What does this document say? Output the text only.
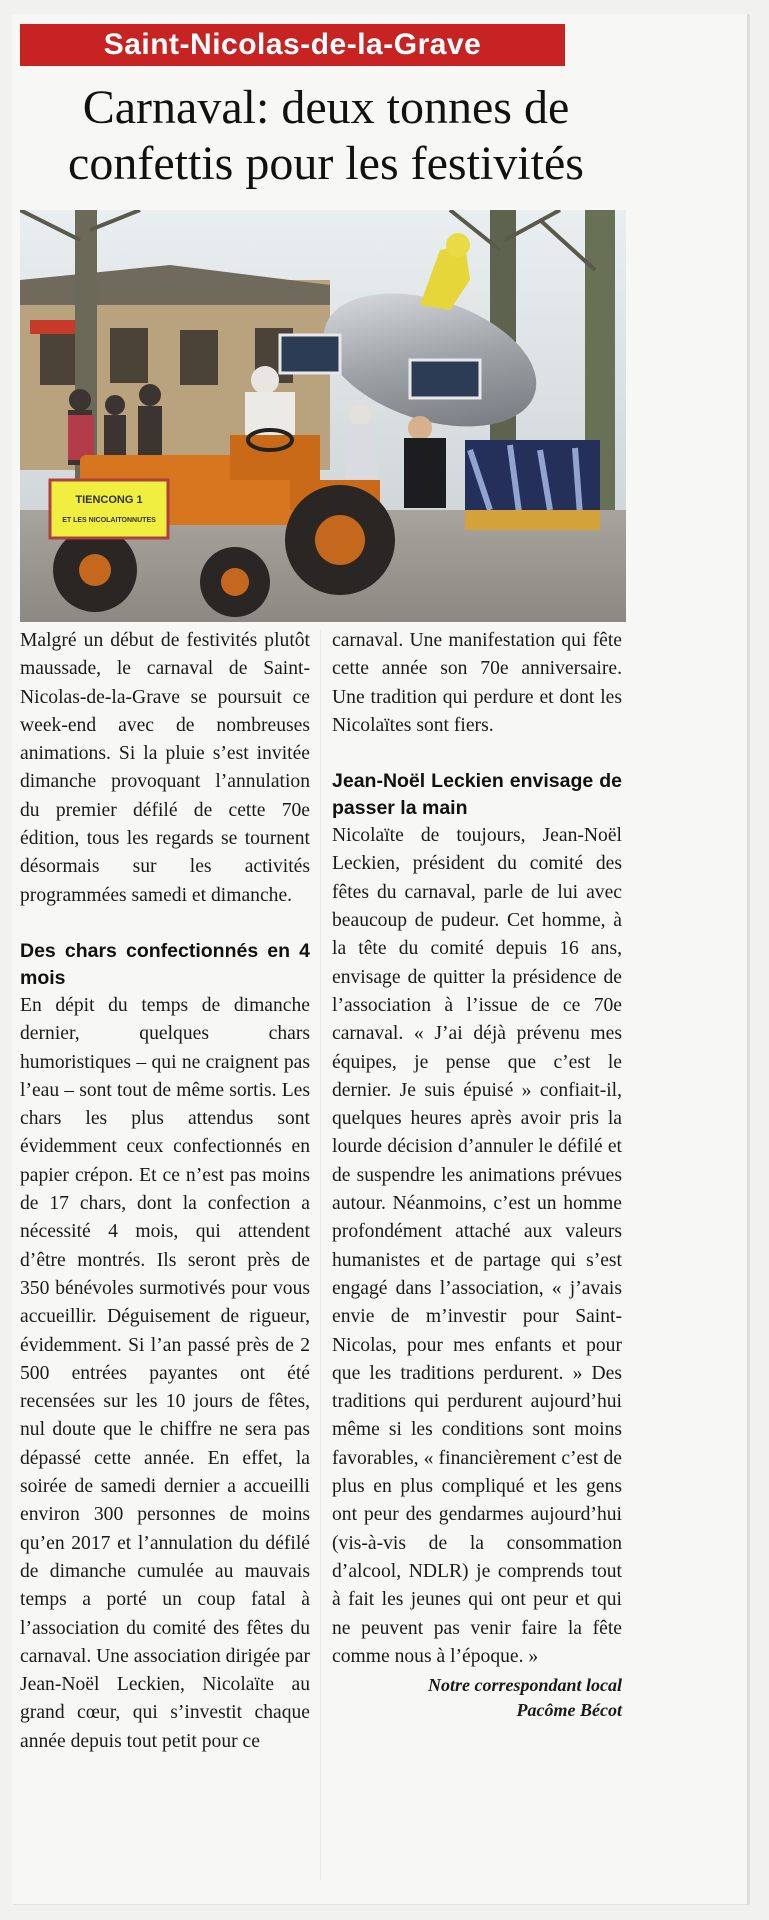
Saint-Nicolas-de-la-Grave
Carnaval: deux tonnes de
confettis pour les festivités
TIENCONG 1
ET LES NICOLAITONNUTES

Malgré un début de festivités plutôt maussade, le carnaval de Saint-Nicolas-de-la-Grave se poursuit ce week-end avec de nombreuses animations. Si la pluie s’est invitée dimanche provoquant l’annulation du premier défilé de cette 70e édition, tous les regards se tournent désormais sur les activités programmées samedi et dimanche.

Des chars confectionnés en 4 mois

En dépit du temps de dimanche dernier, quelques chars humoristiques – qui ne craignent pas l’eau – sont tout de même sortis. Les chars les plus attendus sont évidemment ceux confectionnés en papier crépon. Et ce n’est pas moins de 17 chars, dont la confection a nécessité 4 mois, qui attendent d’être montrés. Ils seront près de 350 bénévoles surmotivés pour vous accueillir. Déguisement de rigueur, évidemment. Si l’an passé près de 2 500 entrées payantes ont été recensées sur les 10 jours de fêtes, nul doute que le chiffre ne sera pas dépassé cette année. En effet, la soirée de samedi dernier a accueilli environ 300 personnes de moins qu’en 2017 et l’annulation du défilé de dimanche cumulée au mauvais temps a porté un coup fatal à l’association du comité des fêtes du carnaval. Une association dirigée par Jean-Noël Leckien, Nicolaïte au grand cœur, qui s’investit chaque année depuis tout petit pour ce

carnaval. Une manifestation qui fête cette année son 70e anniversaire. Une tradition qui perdure et dont les Nicolaïtes sont fiers.

Jean-Noël Leckien envisage de passer la main

Nicolaïte de toujours, Jean-Noël Leckien, président du comité des fêtes du carnaval, parle de lui avec beaucoup de pudeur. Cet homme, à la tête du comité depuis 16 ans, envisage de quitter la présidence de l’association à l’issue de ce 70e carnaval. « J’ai déjà prévenu mes équipes, je pense que c’est le dernier. Je suis épuisé » confiait-il, quelques heures après avoir pris la lourde décision d’annuler le défilé et de suspendre les animations prévues autour. Néanmoins, c’est un homme profondément attaché aux valeurs humanistes et de partage qui s’est engagé dans l’association, « j’avais envie de m’investir pour Saint-Nicolas, pour mes enfants et pour que les traditions perdurent. » Des traditions qui perdurent aujourd’hui même si les conditions sont moins favorables, « financièrement c’est de plus en plus compliqué et les gens ont peur des gendarmes aujourd’hui (vis-à-vis de la consommation d’alcool, NDLR) je comprends tout à fait les jeunes qui ont peur et qui ne peuvent pas venir faire la fête comme nous à l’époque. »

Notre correspondant local
Pacôme Bécot
